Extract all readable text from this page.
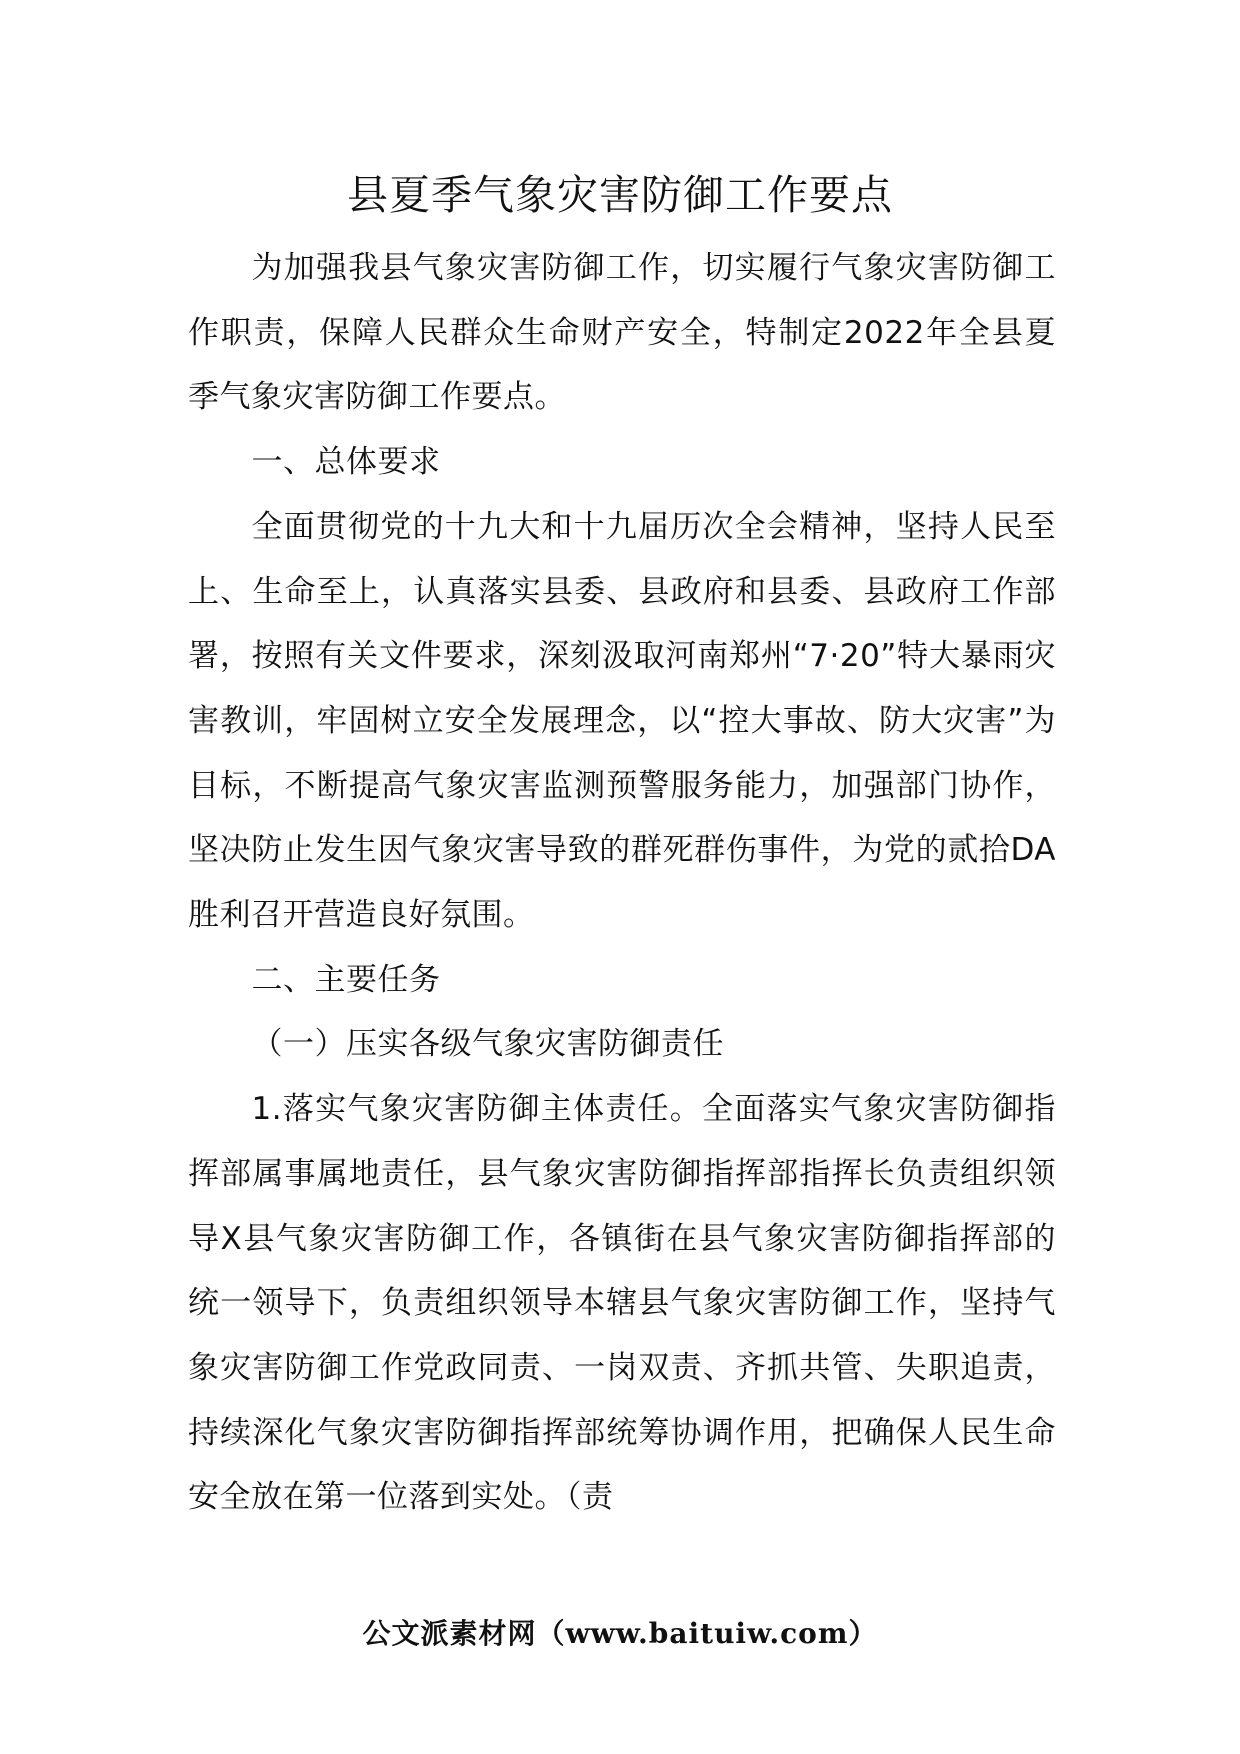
县夏季气象灾害防御工作要点

为加强我县气象灾害防御工作，切实履行气象灾害防御工作职责，保障人民群众生命财产安全，特制定2022年全县夏季气象灾害防御工作要点。

一、总体要求

全面贯彻党的十九大和十九届历次全会精神，坚持人民至上、生命至上，认真落实县委、县政府和县委、县政府工作部署，按照有关文件要求，深刻汲取河南郑州“7·20”特大暴雨灾害教训，牢固树立安全发展理念，以“控大事故、防大灾害”为目标，不断提高气象灾害监测预警服务能力，加强部门协作，坚决防止发生因气象灾害导致的群死群伤事件，为党的贰拾DA胜利召开营造良好氛围。

二、主要任务

（一）压实各级气象灾害防御责任

1.落实气象灾害防御主体责任。全面落实气象灾害防御指挥部属事属地责任，县气象灾害防御指挥部指挥长负责组织领导X县气象灾害防御工作，各镇街在县气象灾害防御指挥部的统一领导下，负责组织领导本辖县气象灾害防御工作，坚持气象灾害防御工作党政同责、一岗双责、齐抓共管、失职追责，持续深化气象灾害防御指挥部统筹协调作用，把确保人民生命安全放在第一位落到实处。（责

公文派素材网（www.baituiw.com）
